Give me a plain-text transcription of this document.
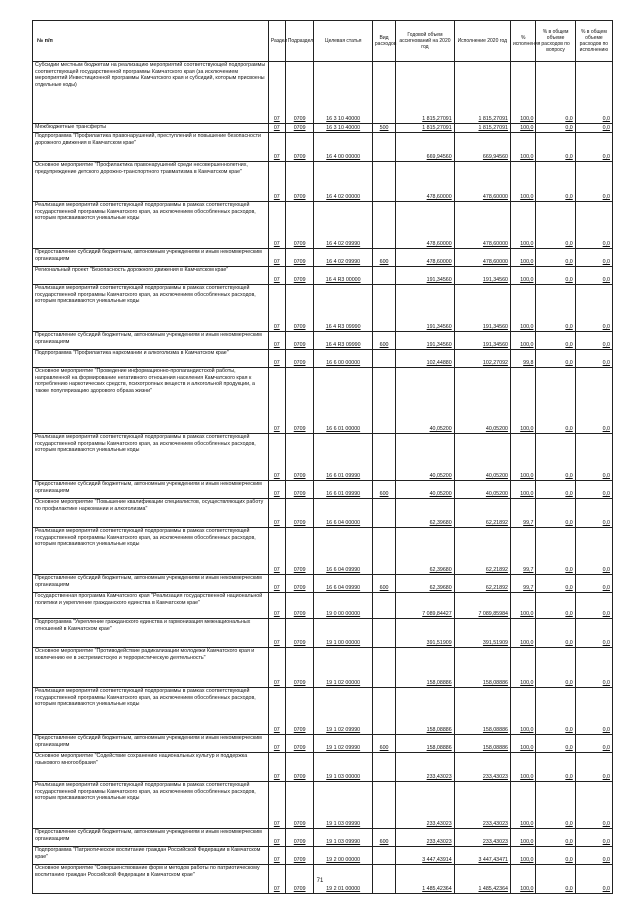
№ п/п	Раздел	Подраздел	Целевая статья	Вид расходов	Годовой объем ассигнований на 2020 год	Исполнение 2020 год	% исполнения	% в общем объеме расходов по вопросу	% в общем объеме расходов по исполнению
Субсидии местным бюджетам на реализацию мероприятий соответствующей подпрограммы соответствующей государственной программы Камчатского края (за исключением мероприятий Инвестиционной программы Камчатского края и субсидий, которым присвоены отдельные коды)	07	0709	16 3 10 40000		1 815,27091	1 815,27091	100,0	0,0	0,0
Межбюджетные трансферты	07	0709	16 3 10 40000	500	1 815,27091	1 815,27091	100,0	0,0	0,0
Подпрограмма "Профилактика правонарушений, преступлений и повышение безопасности дорожного движения в Камчатском крае"	07	0709	16 4 00 00000		669,94560	669,94560	100,0	0,0	0,0
Основное мероприятие "Профилактика правонарушений среди несовершеннолетних, предупреждение детского дорожно-транспортного травматизма в Камчатском крае"	07	0709	16 4 02 00000		478,60000	478,60000	100,0	0,0	0,0
Реализация мероприятий соответствующей подпрограммы в рамках соответствующей государственной программы Камчатского края, за исключением обособленных расходов, которым присваиваются уникальные коды	07	0709	16 4 02 09990		478,60000	478,60000	100,0	0,0	0,0
Предоставление субсидий бюджетным, автономным учреждениям и иным некоммерческим организациям	07	0709	16 4 02 09990	600	478,60000	478,60000	100,0	0,0	0,0
Региональный проект "Безопасность дорожного движения в Камчатском крае"	07	0709	16 4 R3 00000		191,34560	191,34560	100,0	0,0	0,0
Реализация мероприятий соответствующей подпрограммы в рамках соответствующей государственной программы Камчатского края, за исключением обособленных расходов, которым присваиваются уникальные коды	07	0709	16 4 R3 09990		191,34560	191,34560	100,0	0,0	0,0
Предоставление субсидий бюджетным, автономным учреждениям и иным некоммерческим организациям	07	0709	16 4 R3 09990	600	191,34560	191,34560	100,0	0,0	0,0
Подпрограмма "Профилактика наркомании и алкоголизма в Камчатском крае"	07	0709	16 6 00 00000		102,44880	102,27092	99,8	0,0	0,0
Основное мероприятие "Проведение информационно-пропагандистской работы, направленной на формирование негативного отношения населения Камчатского края к потреблению наркотических средств, психотропных веществ и алкогольной продукции, а также популяризацию здорового образа жизни"	07	0709	16 6 01 00000		40,05200	40,05200	100,0	0,0	0,0
Реализация мероприятий соответствующей подпрограммы в рамках соответствующей государственной программы Камчатского края, за исключением обособленных расходов, которым присваиваются уникальные коды	07	0709	16 6 01 09990		40,05200	40,05200	100,0	0,0	0,0
Предоставление субсидий бюджетным, автономным учреждениям и иным некоммерческим организациям	07	0709	16 6 01 09990	600	40,05200	40,05200	100,0	0,0	0,0
Основное мероприятие "Повышение квалификации специалистов, осуществляющих работу по профилактике наркомании и алкоголизма"	07	0709	16 6 04 00000		62,39680	62,21892	99,7	0,0	0,0
Реализация мероприятий соответствующей подпрограммы в рамках соответствующей государственной программы Камчатского края, за исключением обособленных расходов, которым присваиваются уникальные коды	07	0709	16 6 04 09990		62,39680	62,21892	99,7	0,0	0,0
Предоставление субсидий бюджетным, автономным учреждениям и иным некоммерческим организациям	07	0709	16 6 04 09990	600	62,39680	62,21892	99,7	0,0	0,0
Государственная программа Камчатского края "Реализация государственной национальной политики и укрепление гражданского единства в Камчатском крае"	07	0709	19 0 00 00000		7 089,84427	7 089,85984	100,0	0,0	0,0
Подпрограмма "Укрепление гражданского единства и гармонизация межнациональных отношений в Камчатском крае"	07	0709	19 1 00 00000		391,51909	391,51909	100,0	0,0	0,0
Основное мероприятие "Противодействие радикализации молодежи Камчатского края и вовлечению ее в экстремистскую и террористическую деятельность"	07	0709	19 1 02 00000		158,08886	158,08886	100,0	0,0	0,0
Реализация мероприятий соответствующей подпрограммы в рамках соответствующей государственной программы Камчатского края, за исключением обособленных расходов, которым присваиваются уникальные коды	07	0709	19 1 02 09990		158,08886	158,08886	100,0	0,0	0,0
Предоставление субсидий бюджетным, автономным учреждениям и иным некоммерческим организациям	07	0709	19 1 02 09990	600	158,08886	158,08886	100,0	0,0	0,0
Основное мероприятие "Содействие сохранению национальных культур и поддержка языкового многообразия"	07	0709	19 1 03 00000		233,43023	233,43023	100,0	0,0	0,0
Реализация мероприятий соответствующей подпрограммы в рамках соответствующей государственной программы Камчатского края, за исключением обособленных расходов, которым присваиваются уникальные коды	07	0709	19 1 03 09990		233,43023	233,43023	100,0	0,0	0,0
Предоставление субсидий бюджетным, автономным учреждениям и иным некоммерческим организациям	07	0709	19 1 03 09990	600	233,43023	233,43023	100,0	0,0	0,0
Подпрограмма "Патриотическое воспитание граждан Российской Федерации в Камчатском крае"	07	0709	19 2 00 00000		3 447,43914	3 447,43471	100,0	0,0	0,0
Основное мероприятие "Совершенствование форм и методов работы по патриотическому воспитанию граждан Российской Федерации в Камчатском крае"	07	0709	19 2 01 00000		1 485,42364	1 485,42364	100,0	0,0	0,0
71
